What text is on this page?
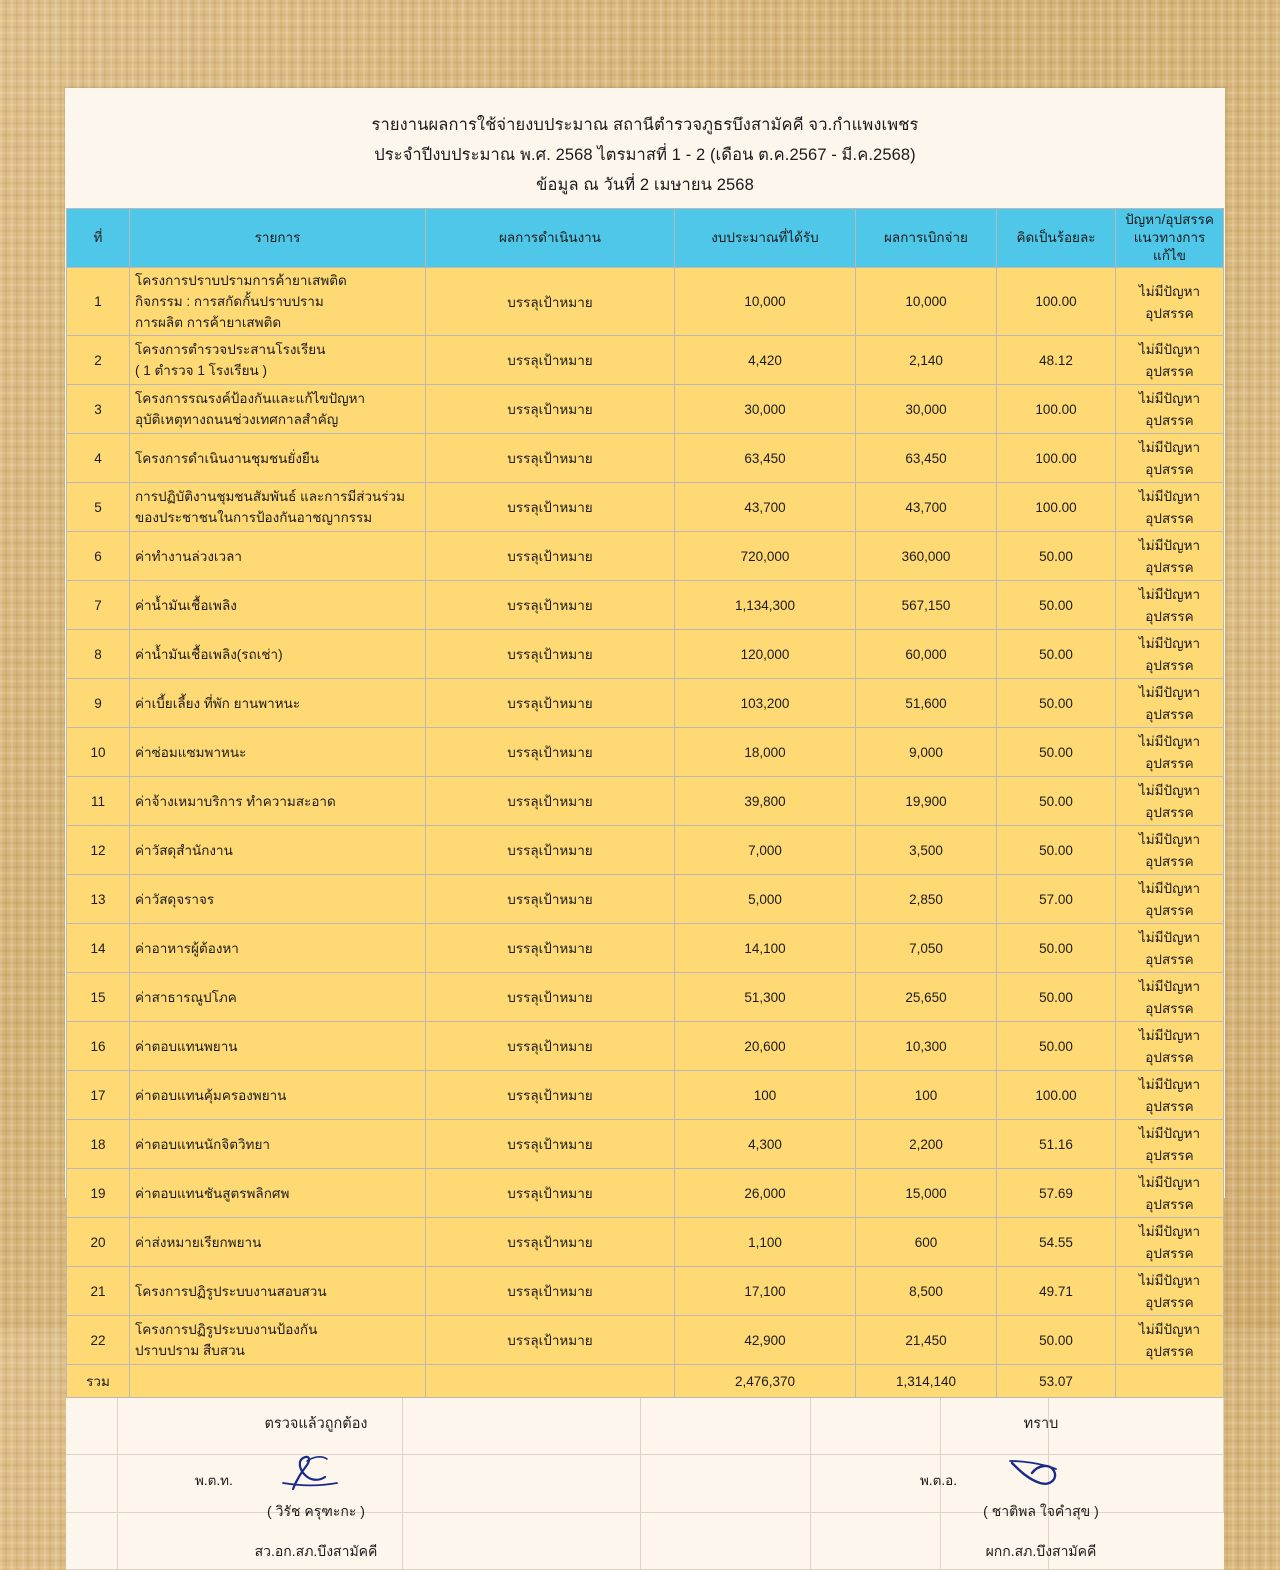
รายงานผลการใช้จ่ายงบประมาณ สถานีตำรวจภูธรบึงสามัคคี จว.กำแพงเพชร
ประจำปีงบประมาณ พ.ศ. 2568 ไตรมาสที่ 1 - 2 (เดือน ต.ค.2567 - มี.ค.2568)
ข้อมูล ณ วันที่ 2 เมษายน 2568
ที่	รายการ	ผลการดำเนินงาน	งบประมาณที่ได้รับ	ผลการเบิกจ่าย	คิดเป็นร้อยละ	ปัญหา/อุปสรรค
แนวทางการแก้ไข

1	โครงการปราบปรามการค้ายาเสพติด
กิจกรรม : การสกัดกั้นปราบปราม
การผลิต การค้ายาเสพติด	บรรลุเป้าหมาย	10,000	10,000	100.00	ไม่มีปัญหาอุปสรรค
2	โครงการตำรวจประสานโรงเรียน
( 1 ตำรวจ 1 โรงเรียน )	บรรลุเป้าหมาย	4,420	2,140	48.12	ไม่มีปัญหาอุปสรรค
3	โครงการรณรงค์ป้องกันและแก้ไขปัญหา
อุบัติเหตุทางถนนช่วงเทศกาลสำคัญ	บรรลุเป้าหมาย	30,000	30,000	100.00	ไม่มีปัญหาอุปสรรค
4	โครงการดำเนินงานชุมชนยั่งยืน	บรรลุเป้าหมาย	63,450	63,450	100.00	ไม่มีปัญหาอุปสรรค
5	การปฏิบัติงานชุมชนสัมพันธ์ และการมีส่วนร่วม
ของประชาชนในการป้องกันอาชญากรรม	บรรลุเป้าหมาย	43,700	43,700	100.00	ไม่มีปัญหาอุปสรรค
6	ค่าทำงานล่วงเวลา	บรรลุเป้าหมาย	720,000	360,000	50.00	ไม่มีปัญหาอุปสรรค
7	ค่าน้ำมันเชื้อเพลิง	บรรลุเป้าหมาย	1,134,300	567,150	50.00	ไม่มีปัญหาอุปสรรค
8	ค่าน้ำมันเชื้อเพลิง(รถเช่า)	บรรลุเป้าหมาย	120,000	60,000	50.00	ไม่มีปัญหาอุปสรรค
9	ค่าเบี้ยเลี้ยง ที่พัก ยานพาหนะ	บรรลุเป้าหมาย	103,200	51,600	50.00	ไม่มีปัญหาอุปสรรค
10	ค่าซ่อมแซมพาหนะ	บรรลุเป้าหมาย	18,000	9,000	50.00	ไม่มีปัญหาอุปสรรค
11	ค่าจ้างเหมาบริการ ทำความสะอาด	บรรลุเป้าหมาย	39,800	19,900	50.00	ไม่มีปัญหาอุปสรรค
12	ค่าวัสดุสำนักงาน	บรรลุเป้าหมาย	7,000	3,500	50.00	ไม่มีปัญหาอุปสรรค
13	ค่าวัสดุจราจร	บรรลุเป้าหมาย	5,000	2,850	57.00	ไม่มีปัญหาอุปสรรค
14	ค่าอาหารผู้ต้องหา	บรรลุเป้าหมาย	14,100	7,050	50.00	ไม่มีปัญหาอุปสรรค
15	ค่าสาธารณูปโภค	บรรลุเป้าหมาย	51,300	25,650	50.00	ไม่มีปัญหาอุปสรรค
16	ค่าตอบแทนพยาน	บรรลุเป้าหมาย	20,600	10,300	50.00	ไม่มีปัญหาอุปสรรค
17	ค่าตอบแทนคุ้มครองพยาน	บรรลุเป้าหมาย	100	100	100.00	ไม่มีปัญหาอุปสรรค
18	ค่าตอบแทนนักจิตวิทยา	บรรลุเป้าหมาย	4,300	2,200	51.16	ไม่มีปัญหาอุปสรรค
19	ค่าตอบแทนชันสูตรพลิกศพ	บรรลุเป้าหมาย	26,000	15,000	57.69	ไม่มีปัญหาอุปสรรค
20	ค่าส่งหมายเรียกพยาน	บรรลุเป้าหมาย	1,100	600	54.55	ไม่มีปัญหาอุปสรรค
21	โครงการปฏิรูประบบงานสอบสวน	บรรลุเป้าหมาย	17,100	8,500	49.71	ไม่มีปัญหาอุปสรรค
22	โครงการปฏิรูประบบงานป้องกัน
ปราบปราม สืบสวน	บรรลุเป้าหมาย	42,900	21,450	50.00	ไม่มีปัญหาอุปสรรค
รวม			2,476,370	1,314,140	53.07	
ตรวจแล้วถูกต้อง
พ.ต.ท.
( วิรัช ครุฑะกะ )
สว.อก.สภ.บึงสามัคคี
ทราบ
พ.ต.อ.
( ชาติพล ใจคำสุข )
ผกก.สภ.บึงสามัคคี
